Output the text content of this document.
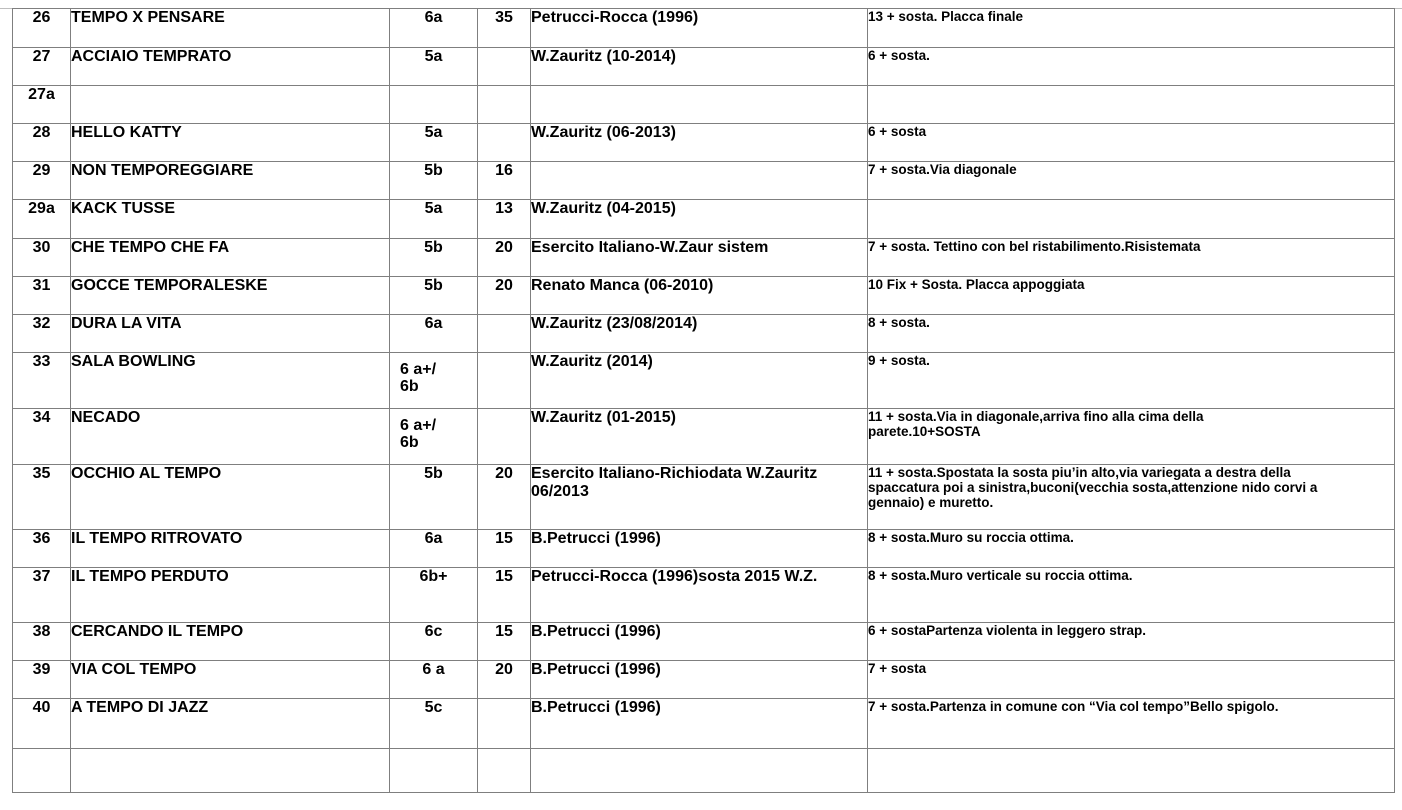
26	TEMPO X PENSARE	6a	35	Petrucci-Rocca (1996)	13 + sosta. Placca finale
27	ACCIAIO TEMPRATO	5a		W.Zauritz (10-2014)	6 + sosta.
27a					
28	HELLO KATTY	5a		W.Zauritz (06-2013)	6 + sosta
29	NON TEMPOREGGIARE	5b	16		7 + sosta.Via diagonale
29a	KACK TUSSE	5a	13	W.Zauritz (04-2015)	
30	CHE TEMPO CHE FA	5b	20	Esercito Italiano-W.Zaur sistem	7 + sosta. Tettino con bel ristabilimento.Risistemata
31	GOCCE TEMPORALESKE	5b	20	Renato Manca (06-2010)	10 Fix + Sosta. Placca appoggiata
32	DURA LA VITA	6a		W.Zauritz (23/08/2014)	8 + sosta.
33	SALA BOWLING	6 a+/ 6b		W.Zauritz (2014)	9 + sosta.
34	NECADO	6 a+/ 6b		W.Zauritz (01-2015)	11 + sosta.Via in diagonale,arriva fino alla cima della parete.10+SOSTA
35	OCCHIO AL TEMPO	5b	20	Esercito Italiano-Richiodata W.Zauritz 06/2013	11 + sosta.Spostata la sosta piu’in alto,via variegata a destra della spaccatura poi a sinistra,buconi(vecchia sosta,attenzione nido corvi a gennaio) e muretto.
36	IL TEMPO RITROVATO	6a	15	B.Petrucci (1996)	8 + sosta.Muro su roccia ottima.
37	IL TEMPO PERDUTO	6b+	15	Petrucci-Rocca (1996)sosta 2015 W.Z.	8 + sosta.Muro verticale su roccia ottima.
38	CERCANDO IL TEMPO	6c	15	B.Petrucci (1996)	6 + sostaPartenza violenta in leggero strap.
39	VIA COL TEMPO	6 a	20	B.Petrucci (1996)	7 + sosta
40	A TEMPO DI JAZZ	5c		B.Petrucci (1996)	7 + sosta.Partenza in comune con “Via col tempo”Bello spigolo.
